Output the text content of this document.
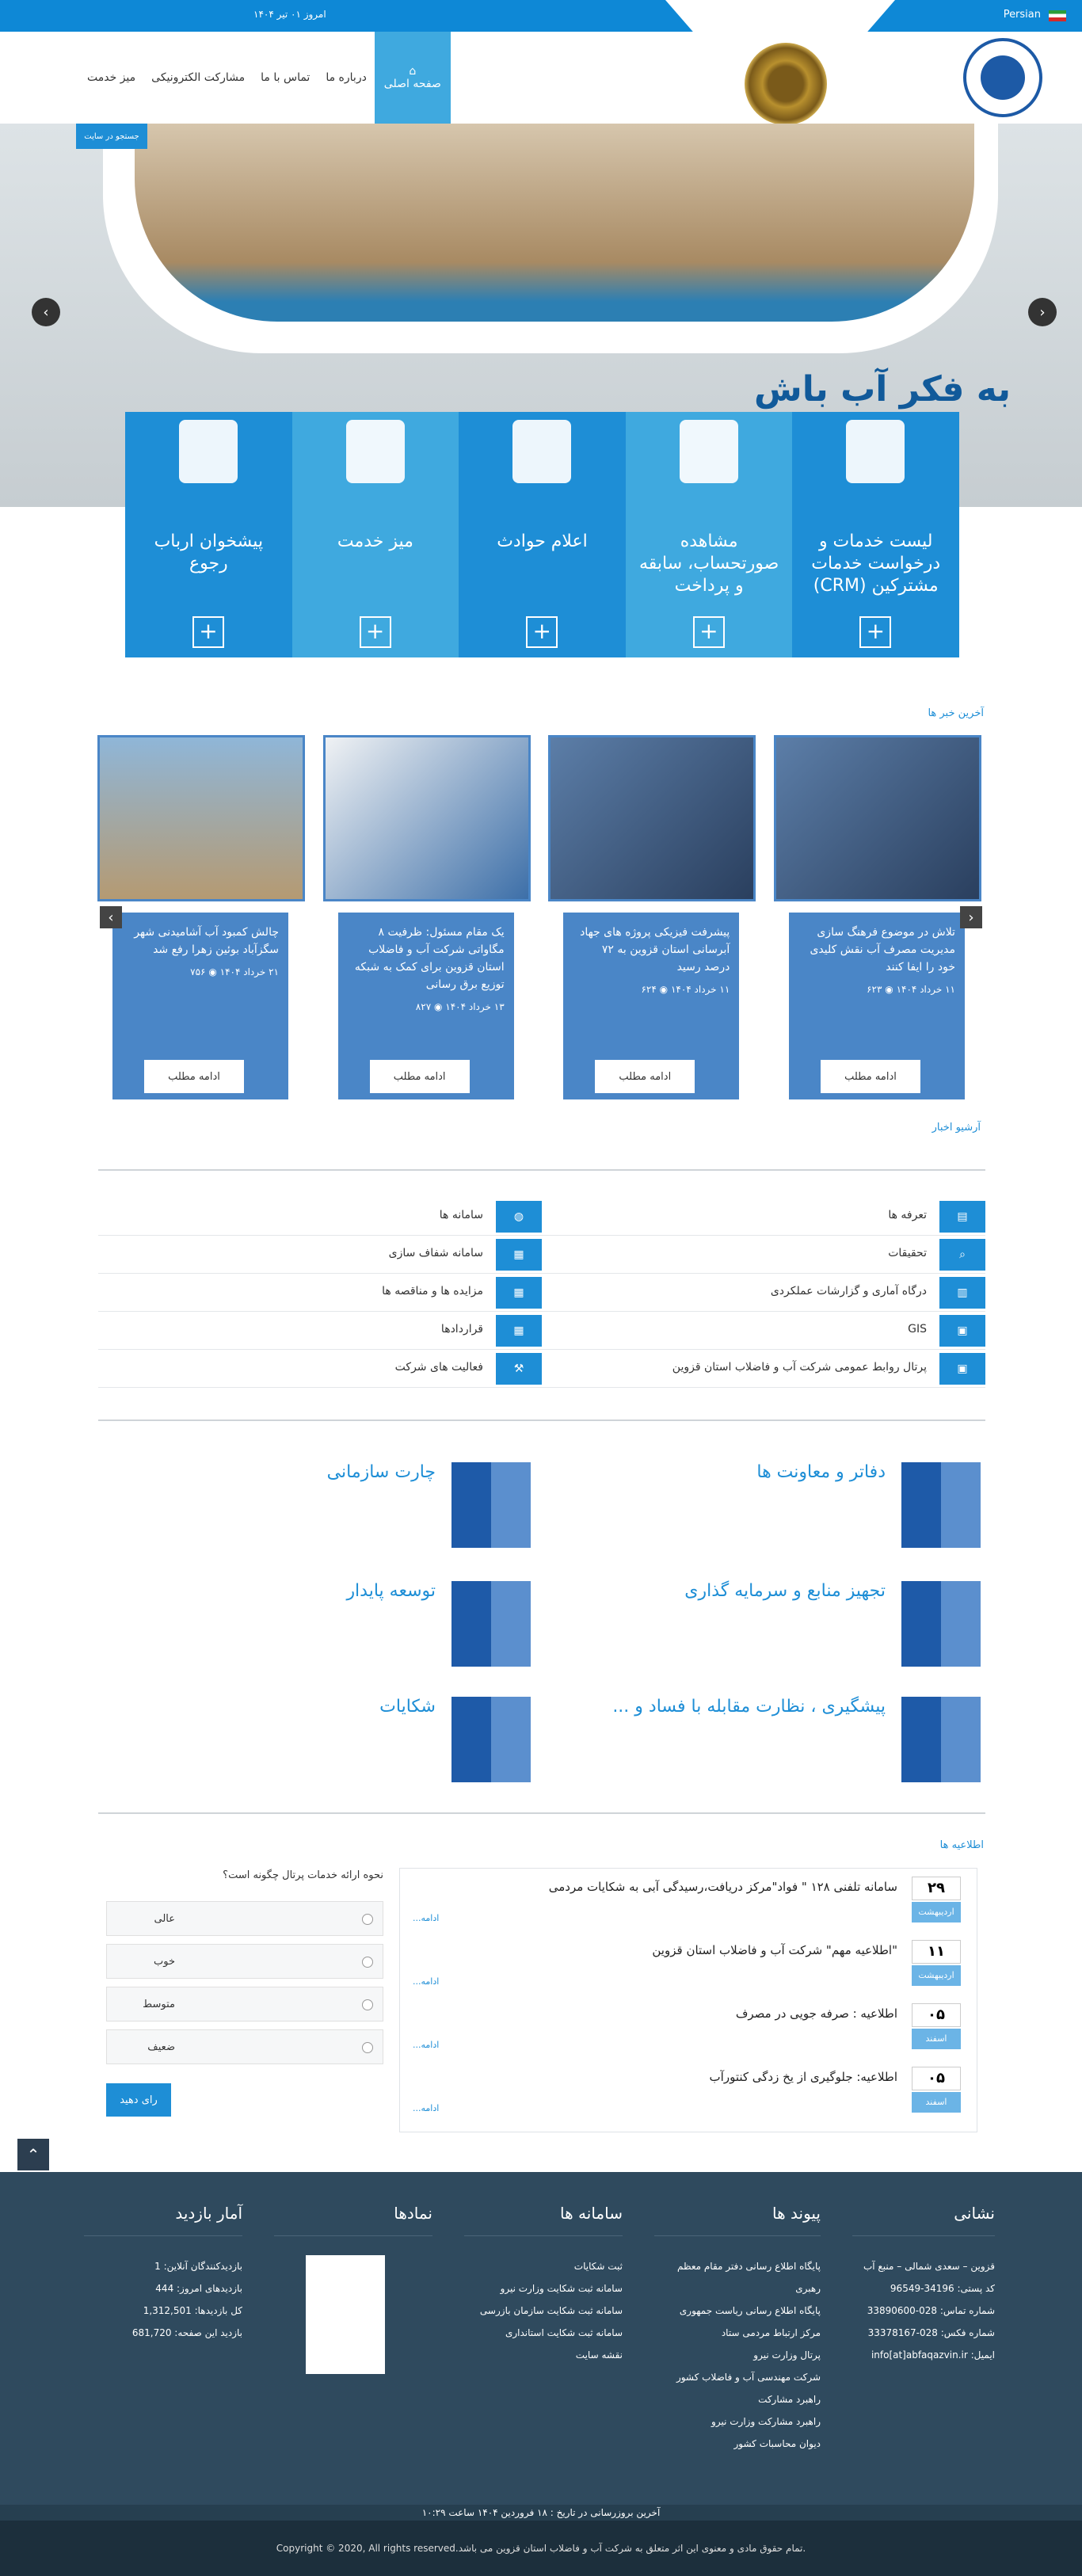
امروز ۰۱ تیر ۱۴۰۴	Persian
⌂
صفحه اصلی
درباره ما
تماس با ما
مشارکت الکترونیکی
میز خدمت
جستجو در سایت
به فکر آب باش
‹	›
لیست خدمات و درخواست خدمات مشترکین (CRM)
+
مشاهده صورتحساب، سابقه و پرداخت
+
اعلام حوادث
+
میز خدمت
+
پیشخوان ارباب رجوع
+
آخرین خبر ها
تلاش در موضوع فرهنگ سازی مدیریت مصرف آب نقش کلیدی خود را ایفا کنند
۱۱ خرداد ۱۴۰۴ ◉ ۶۲۳
ادامه مطلب
پیشرفت فیزیکی پروژه های جهاد آبرسانی استان قزوین به ۷۲ درصد رسید
۱۱ خرداد ۱۴۰۴ ◉ ۶۲۴
ادامه مطلب
یک مقام مسئول: ظرفیت ۸ مگاواتی شرکت آب و فاضلاب استان قزوین برای کمک به شبکه توزیع برق رسانی
۱۳ خرداد ۱۴۰۴ ◉ ۸۲۷
ادامه مطلب
چالش کمبود آب آشامیدنی شهر سگزآباد بوئین زهرا رفع شد
۲۱ خرداد ۱۴۰۴ ◉ ۷۵۶
ادامه مطلب
‹	›
آرشیو اخبار
▤
تعرفه ها
◍
سامانه ها
⌕
تحقیقات
▦
سامانه شفاف سازی
▥
درگاه آماری و گزارشات عملکردی
▦
مزایده ها و مناقصه ها
▣
GIS
▦
قراردادها
▣
پرتال روابط عمومی شرکت آب و فاضلاب استان قزوین
⚒
فعالیت های شرکت
دفاتر و معاونت ها
چارت سازمانی
تجهیز منابع و سرمایه گذاری
توسعه پایدار
پیشگیری ، نظارت مقابله با فساد و ...
شکایات
اطلاعیه ها
۲۹
اردیبهشت
سامانه تلفنی ۱۲۸ " فواد"مرکز دریافت،رسیدگی آبی به شکایات مردمی
ادامه...
۱۱
اردیبهشت
"اطلاعیه مهم" شرکت آب و فاضلاب استان قزوین
ادامه...
۰۵
اسفند
اطلاعیه : صرفه جویی در مصرف
ادامه...
۰۵
اسفند
اطلاعیه: جلوگیری از یخ زدگی کنتورآب
ادامه...
نحوه ارائه خدمات پرتال چگونه است؟
عالی
خوب
متوسط
ضعیف
رای دهید
⌃
نشانی

قزوین – سعدی شمالی – منبع آب

کد پستی: 34196-96549

شماره تماس: 028-33890600

شماره فکس: 028-33378167

ایمیل: info[at]abfaqazvin.ir

پیوند ها

پایگاه اطلاع رسانی دفتر مقام معظم رهبری

پایگاه اطلاع رسانی ریاست جمهوری

مرکز ارتباط مردمی ستاد

پرتال وزارت نیرو

شرکت مهندسی آب و فاضلاب کشور

راهبرد مشارکت

راهبرد مشارکت وزارت نیرو

دیوان محاسبات کشور

سامانه ها

ثبت شکایات

سامانه ثبت شکایت وزارت نیرو

سامانه ثبت شکایت سازمان بازرسی

سامانه ثبت شکایت استانداری

نقشه سایت

نمادها
آمار بازدید

بازدیدکنندگان آنلاین: 1

بازدیدهای امروز: 444

کل بازدیدها: 1,312,501

بازدید این صفحه: 681,720

آخرین بروزرسانی در تاریخ : ۱۸ فروردین ۱۴۰۴ ساعت ۱۰:۲۹
Copyright © 2020, All rights reserved.تمام حقوق مادی و معنوی این اثر متعلق به شرکت آب و فاضلاب استان قزوین می باشد.
